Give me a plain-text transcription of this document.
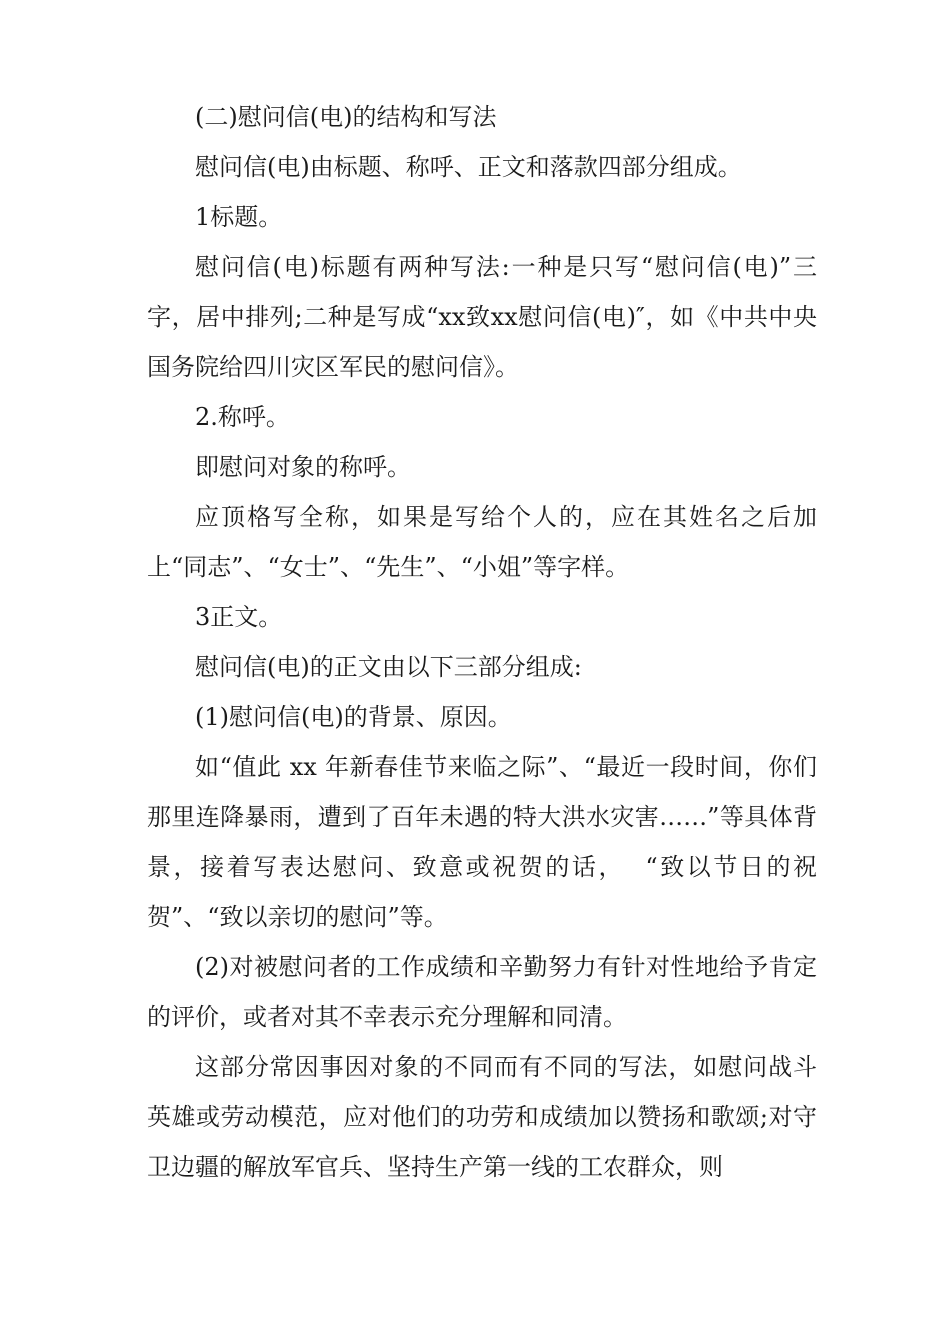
(二)慰问信(电)的结构和写法

慰问信(电)由标题、称呼、正文和落款四部分组成。

1标题。

慰问信(电)标题有两种写法:一种是只写“慰问信(电)”三字，居中排列;二种是写成“xx致xx慰问信(电)″，如《中共中央国务院给四川灾区军民的慰问信》。

2.称呼。

即慰问对象的称呼。

应顶格写全称，如果是写给个人的，应在其姓名之后加上“同志”、“女士”、“先生”、“小姐”等字样。

3正文。

慰问信(电)的正文由以下三部分组成:

(1)慰问信(电)的背景、原因。

如“值此 xx 年新春佳节来临之际”、“最近一段时间，你们那里连降暴雨，遭到了百年未遇的特大洪水灾害……”等具体背景，接着写表达慰问、致意或祝贺的话，  “致以节日的祝贺”、“致以亲切的慰问”等。

(2)对被慰问者的工作成绩和辛勤努力有针对性地给予肯定的评价，或者对其不幸表示充分理解和同清。

这部分常因事因对象的不同而有不同的写法，如慰问战斗英雄或劳动模范，应对他们的功劳和成绩加以赞扬和歌颂;对守卫边疆的解放军官兵、坚持生产第一线的工农群众，则
